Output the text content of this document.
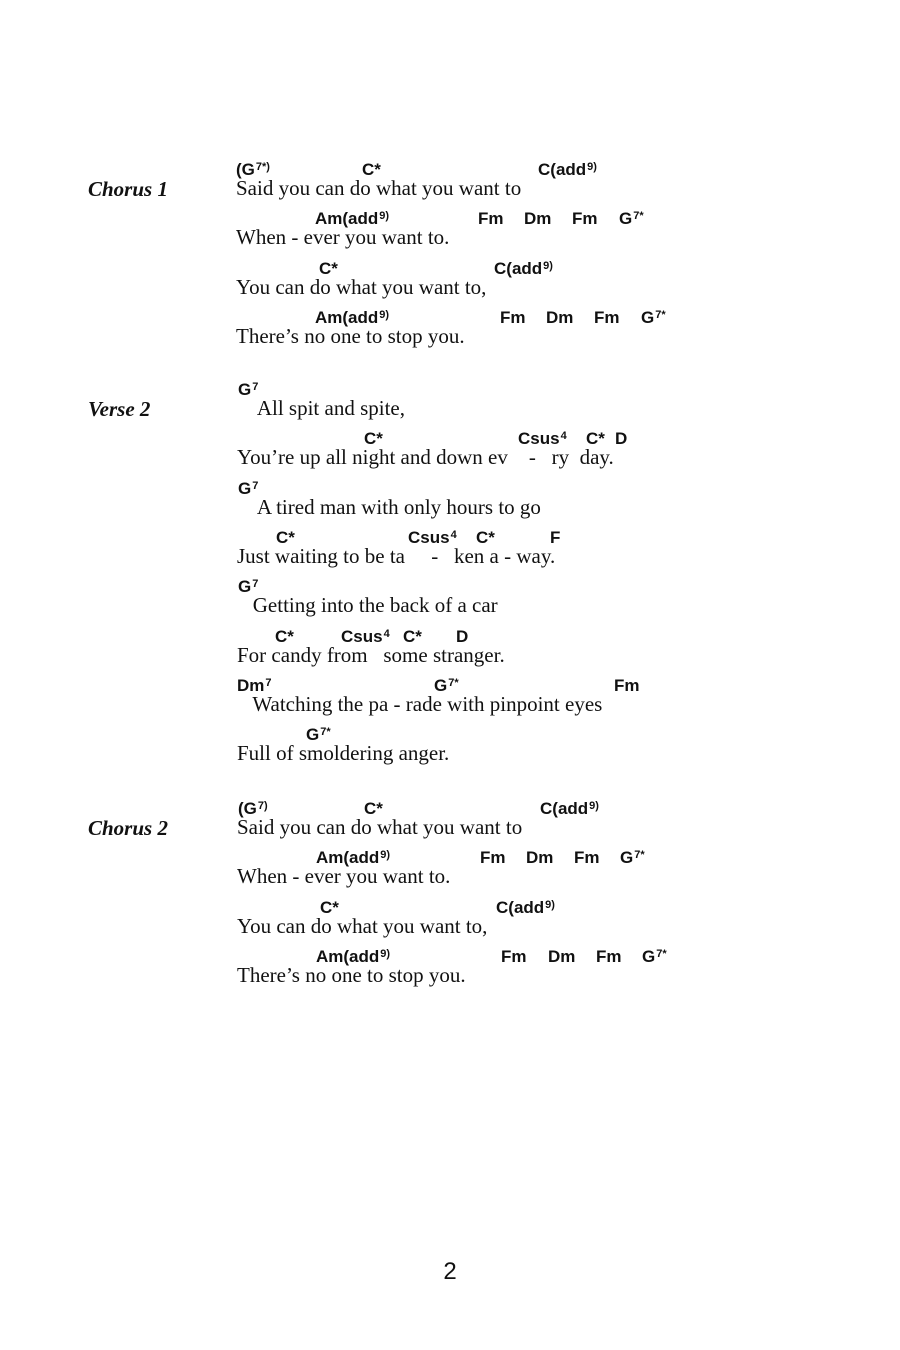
Chorus 1
Verse 2
Chorus 2
($G^{7*)}$	C*	C(add$^{9)}$
Said you can do what you want to
Am(add$^{9)}$	Fm Dm Fm $G^{7*}$
When - ever you want to.
C*	C(add$^{9)}$
You can do what you want to,
Am(add$^{9)}$	Fm Dm Fm $G^{7*}$
There’s no one to stop you.
$G^7$
All spit and spite,
C*	Csus$^4$ C* D
You’re up all night and down ev    -   ry  day.
$G^7$
A tired man with only hours to go
C*	Csus$^4$ C*	F
Just waiting to be ta     -   ken a - way.
$G^7$
Getting into the back of a car
C*	Csus$^4$ C* D
For candy from   some stranger.
Dm$^7$	$G^{7*}$	Fm
Watching the pa - rade with pinpoint eyes
$G^{7*}$
Full of smoldering anger.
($G^{7)}$	C*	C(add$^{9)}$
Said you can do what you want to
Am(add$^{9)}$	Fm Dm Fm $G^{7*}$
When - ever you want to.
C*	C(add$^{9)}$
You can do what you want to,
Am(add$^{9)}$	Fm Dm Fm $G^{7*}$
There’s no one to stop you.
2
